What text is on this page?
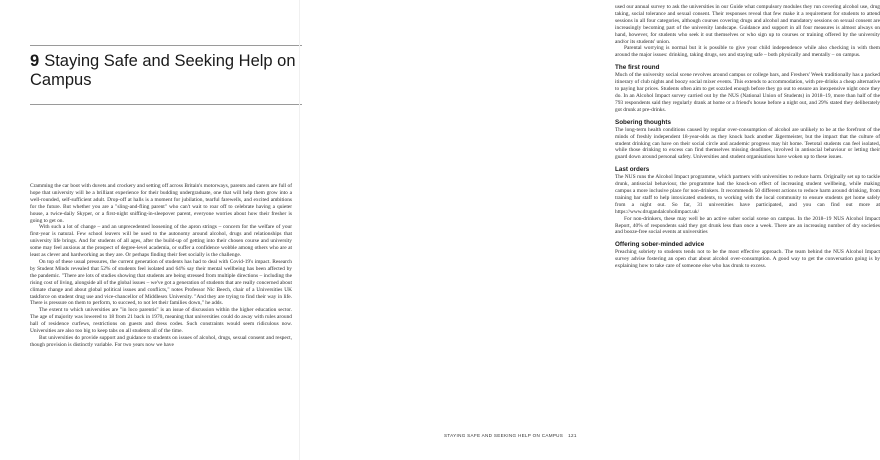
9 Staying Safe and Seeking Help on Campus

Cramming the car boot with duvets and crockery and setting off across Britain's motorways, parents and carers are full of hope that university will be a brilliant experience for their budding undergraduate, one that will help them grow into a well-rounded, self-sufficient adult. Drop-off at halls is a moment for jubilation, tearful farewells, and excited ambitions for the future. But whether you are a "sling-and-fling parent" who can't wait to roar off to celebrate having a quieter house, a twice-daily Skyper, or a first-night sniffing-in-sleepover parent, everyone worries about how their fresher is going to get on.

With such a lot of change – and an unprecedented loosening of the apron strings – concern for the welfare of your first-year is natural. Few school leavers will be used to the autonomy around alcohol, drugs and relationships that university life brings. And for students of all ages, after the build-up of getting into their chosen course and university some may feel anxious at the prospect of degree-level academia, or suffer a confidence wobble among others who are at least as clever and hardworking as they are. Or perhaps finding their feet socially is the challenge.

On top of these usual pressures, the current generation of students has had to deal with Covid-19's impact. Research by Student Minds revealed that 52% of students feel isolated and 64% say their mental wellbeing has been affected by the pandemic. "There are lots of studies showing that students are being stressed from multiple directions – including the rising cost of living, alongside all of the global issues – we've got a generation of students that are really concerned about climate change and about global political issues and conflicts," notes Professor Nic Beech, chair of a Universities UK taskforce on student drug use and vice-chancellor of Middlesex University. "And they are trying to find their way in life. There is pressure on them to perform, to succeed, to not let their families down," he adds.

The extent to which universities are "in loco parentis" is an issue of discussion within the higher education sector. The age of majority was lowered to 18 from 21 back in 1970, meaning that universities could do away with rules around hall of residence curfews, restrictions on guests and dress codes. Such constraints would seem ridiculous now. Universities are also too big to keep tabs on all students all of the time.

But universities do provide support and guidance to students on issues of alcohol, drugs, sexual consent and respect, though provision is distinctly variable. For two years now we have

used our annual survey to ask the universities in our Guide what compulsory modules they run covering alcohol use, drug taking, social tolerance and sexual consent. Their responses reveal that few make it a requirement for students to attend sessions in all four categories, although courses covering drugs and alcohol and mandatory sessions on sexual consent are increasingly becoming part of the university landscape. Guidance and support in all four measures is almost always on hand, however, for students who seek it out themselves or who sign up to courses or training offered by the university and/or its students' union.

Parental worrying is normal but it is possible to give your child independence while also checking in with them around the major issues: drinking, taking drugs, sex and staying safe – both physically and mentally – on campus.

The first round

Much of the university social scene revolves around campus or college bars, and Freshers' Week traditionally has a packed itinerary of club nights and boozy social mixer events. This extends to accommodation, with pre-drinks a cheap alternative to paying bar prices. Students often aim to get sozzled enough before they go out to ensure an inexpensive night once they do. In an Alcohol Impact survey carried out by the NUS (National Union of Students) in 2018–19, more than half of the 793 respondents said they regularly drank at home or a friend's house before a night out, and 29% stated they deliberately got drunk at pre-drinks.

Sobering thoughts

The long-term health conditions caused by regular over-consumption of alcohol are unlikely to be at the forefront of the minds of freshly independent 18-year-olds as they knock back another Jägermeister, but the impact that the culture of student drinking can have on their social circle and academic progress may hit home. Teetotal students can feel isolated, while those drinking to excess can find themselves missing deadlines, involved in antisocial behaviour or letting their guard down around personal safety. Universities and student organisations have woken up to these issues.

Last orders

The NUS runs the Alcohol Impact programme, which partners with universities to reduce harm. Originally set up to tackle drunk, antisocial behaviour, the programme had the knock-on effect of increasing student wellbeing, while making campus a more inclusive place for non-drinkers. It recommends 50 different actions to reduce harm around drinking, from training bar staff to help intoxicated students, to working with the local community to ensure students get home safely from a night out. So far, 31 universities have participated, and you can find out more at https://www.drugandalcoholimpact.uk/

For non-drinkers, these may well be an active sober social scene on campus. In the 2018–19 NUS Alcohol Impact Report, 40% of respondents said they got drunk less than once a week. There are an increasing number of dry societies and booze-free social events at universities

Offering sober-minded advice

Preaching sobriety to students tends not to be the most effective approach. The team behind the NUS Alcohol Impact survey advise fostering an open chat about alcohol over-consumption. A good way to get the conversation going is by explaining how to take care of someone else who has drunk to excess.

STAYING SAFE AND SEEKING HELP ON CAMPUS 121
